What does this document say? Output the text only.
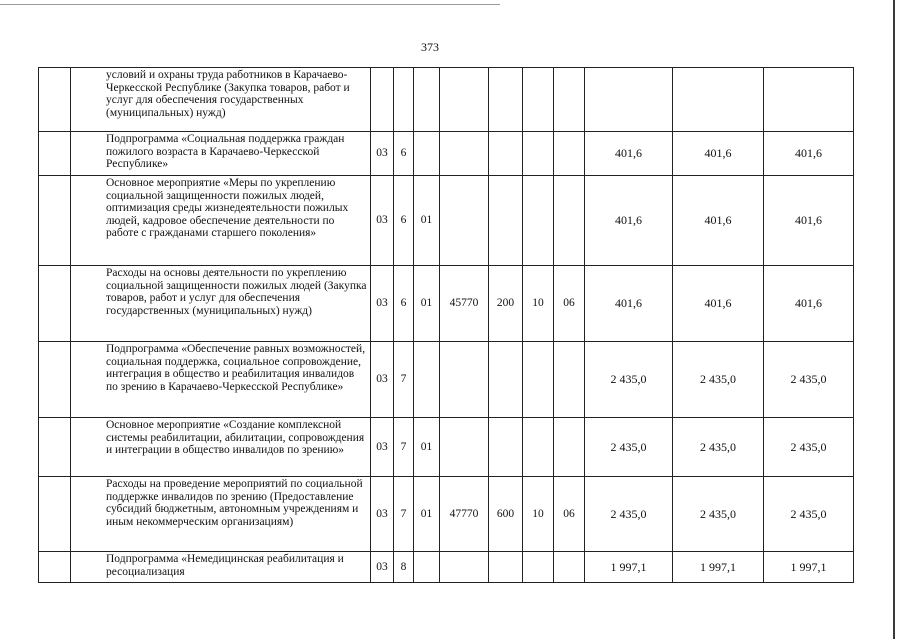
373
	условий и охраны труда работников в Карачаево-Черкесской Республике (Закупка товаров, работ и услуг для обеспечения государственных (муниципальных) нужд)										
	Подпрограмма «Социальная поддержка граждан пожилого возраста в Карачаево-Черкесской Республике»	03	6						401,6	401,6	401,6
	Основное мероприятие «Меры по укреплению социальной защищенности пожилых людей, оптимизация среды жизнедеятельности пожилых людей, кадровое обеспечение деятельности по работе с гражданами старшего поколения»	03	6	01					401,6	401,6	401,6
	Расходы на основы деятельности по укреплению социальной защищенности пожилых людей (Закупка товаров, работ и услуг для обеспечения государственных (муниципальных) нужд)	03	6	01	45770	200	10	06	401,6	401,6	401,6
	Подпрограмма «Обеспечение равных возможностей, социальная поддержка, социальное сопровождение, интеграция в общество и реабилитация инвалидов по зрению в Карачаево-Черкесской Республике»	03	7						2 435,0	2 435,0	2 435,0
	Основное мероприятие «Создание комплексной системы реабилитации, абилитации, сопровождения и интеграции в общество инвалидов по зрению»	03	7	01					2 435,0	2 435,0	2 435,0
	Расходы на проведение мероприятий по социальной поддержке инвалидов по зрению (Предоставление субсидий бюджетным, автономным учреждениям и иным некоммерческим организациям)	03	7	01	47770	600	10	06	2 435,0	2 435,0	2 435,0
	Подпрограмма «Немедицинская реабилитация и ресоциализация	03	8						1 997,1	1 997,1	1 997,1
